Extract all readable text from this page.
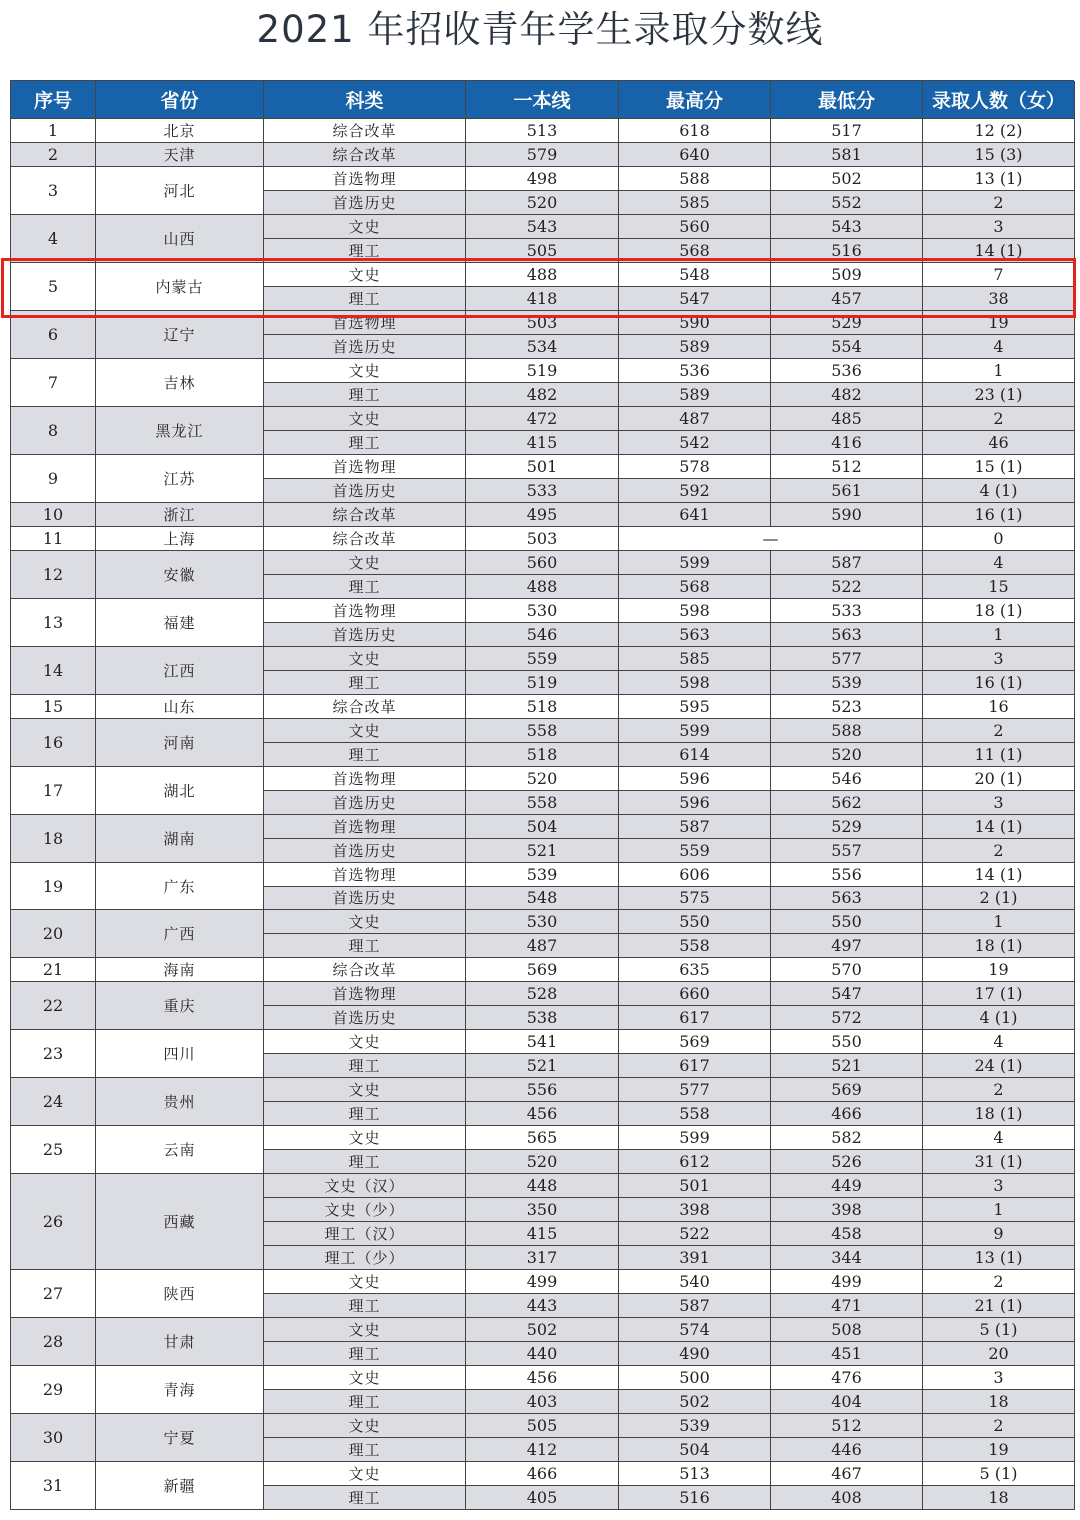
2021 年招收青年学生录取分数线
序号	省份	科类	一本线	最高分	最低分	录取人数（女）
1	北京	综合改革	513	618	517	12 (2)
2	天津	综合改革	579	640	581	15 (3)
3	河北
首选物理	498	588	502	13 (1)
首选历史	520	585	552	2
4	山西
文史	543	560	543	3
理工	505	568	516	14 (1)
5	内蒙古
文史	488	548	509	7
理工	418	547	457	38
6	辽宁
首选物理	503	590	529	19
首选历史	534	589	554	4
7	吉林
文史	519	536	536	1
理工	482	589	482	23 (1)
8	黑龙江
文史	472	487	485	2
理工	415	542	416	46
9	江苏
首选物理	501	578	512	15 (1)
首选历史	533	592	561	4 (1)
10	浙江	综合改革	495	641	590	16 (1)
11	上海	综合改革	503	—	0
12	安徽
文史	560	599	587	4
理工	488	568	522	15
13	福建
首选物理	530	598	533	18 (1)
首选历史	546	563	563	1
14	江西
文史	559	585	577	3
理工	519	598	539	16 (1)
15	山东	综合改革	518	595	523	16
16	河南
文史	558	599	588	2
理工	518	614	520	11 (1)
17	湖北
首选物理	520	596	546	20 (1)
首选历史	558	596	562	3
18	湖南
首选物理	504	587	529	14 (1)
首选历史	521	559	557	2
19	广东
首选物理	539	606	556	14 (1)
首选历史	548	575	563	2 (1)
20	广西
文史	530	550	550	1
理工	487	558	497	18 (1)
21	海南	综合改革	569	635	570	19
22	重庆
首选物理	528	660	547	17 (1)
首选历史	538	617	572	4 (1)
23	四川
文史	541	569	550	4
理工	521	617	521	24 (1)
24	贵州
文史	556	577	569	2
理工	456	558	466	18 (1)
25	云南
文史	565	599	582	4
理工	520	612	526	31 (1)
26	西藏
文史（汉）	448	501	449	3
文史（少）	350	398	398	1
理工（汉）	415	522	458	9
理工（少）	317	391	344	13 (1)
27	陕西
文史	499	540	499	2
理工	443	587	471	21 (1)
28	甘肃
文史	502	574	508	5 (1)
理工	440	490	451	20
29	青海
文史	456	500	476	3
理工	403	502	404	18
30	宁夏
文史	505	539	512	2
理工	412	504	446	19
31	新疆
文史	466	513	467	5 (1)
理工	405	516	408	18
